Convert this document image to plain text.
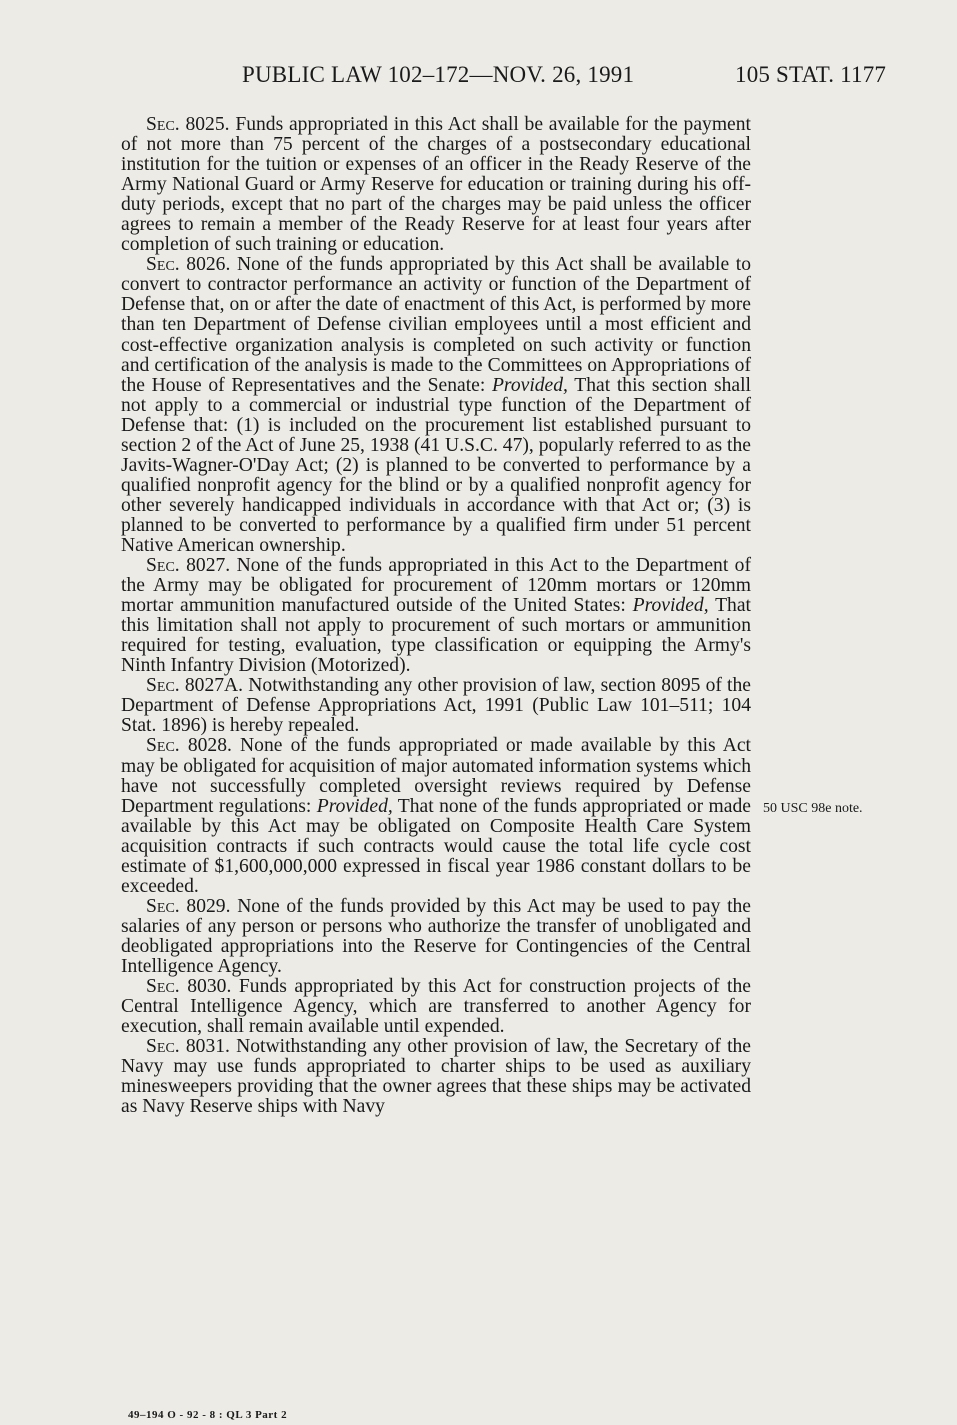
PUBLIC LAW 102–172—NOV. 26, 1991	105 STAT. 1177

Sec. 8025. Funds appropriated in this Act shall be available for the payment of not more than 75 percent of the charges of a postsecondary educational institution for the tuition or expenses of an officer in the Ready Reserve of the Army National Guard or Army Reserve for education or training during his off-duty periods, except that no part of the charges may be paid unless the officer agrees to remain a member of the Ready Reserve for at least four years after completion of such training or education.

Sec. 8026. None of the funds appropriated by this Act shall be available to convert to contractor performance an activity or function of the Department of Defense that, on or after the date of enactment of this Act, is performed by more than ten Department of Defense civilian employees until a most efficient and cost-effective organization analysis is completed on such activity or function and certification of the analysis is made to the Committees on Appropriations of the House of Representatives and the Senate: Provided, That this section shall not apply to a commercial or industrial type function of the Department of Defense that: (1) is included on the procurement list established pursuant to section 2 of the Act of June 25, 1938 (41 U.S.C. 47), popularly referred to as the Javits-Wagner-O'Day Act; (2) is planned to be converted to performance by a qualified nonprofit agency for the blind or by a qualified nonprofit agency for other severely handicapped individuals in accordance with that Act or; (3) is planned to be converted to performance by a qualified firm under 51 percent Native American ownership.

Sec. 8027. None of the funds appropriated in this Act to the Department of the Army may be obligated for procurement of 120mm mortars or 120mm mortar ammunition manufactured outside of the United States: Provided, That this limitation shall not apply to procurement of such mortars or ammunition required for testing, evaluation, type classification or equipping the Army's Ninth Infantry Division (Motorized).

Sec. 8027A. Notwithstanding any other provision of law, section 8095 of the Department of Defense Appropriations Act, 1991 (Public Law 101–511; 104 Stat. 1896) is hereby repealed.

Sec. 8028. None of the funds appropriated or made available by this Act may be obligated for acquisition of major automated information systems which have not successfully completed oversight reviews required by Defense Department regulations: Provided, That none of the funds appropriated or made available by this Act may be obligated on Composite Health Care System acquisition contracts if such contracts would cause the total life cycle cost estimate of $1,600,000,000 expressed in fiscal year 1986 constant dollars to be exceeded.

Sec. 8029. None of the funds provided by this Act may be used to pay the salaries of any person or persons who authorize the transfer of unobligated and deobligated appropriations into the Reserve for Contingencies of the Central Intelligence Agency.

Sec. 8030. Funds appropriated by this Act for construction projects of the Central Intelligence Agency, which are transferred to another Agency for execution, shall remain available until expended.

Sec. 8031. Notwithstanding any other provision of law, the Secretary of the Navy may use funds appropriated to charter ships to be used as auxiliary minesweepers providing that the owner agrees that these ships may be activated as Navy Reserve ships with Navy

50 USC 98e note.
49–194 O - 92 - 8 : QL 3 Part 2
